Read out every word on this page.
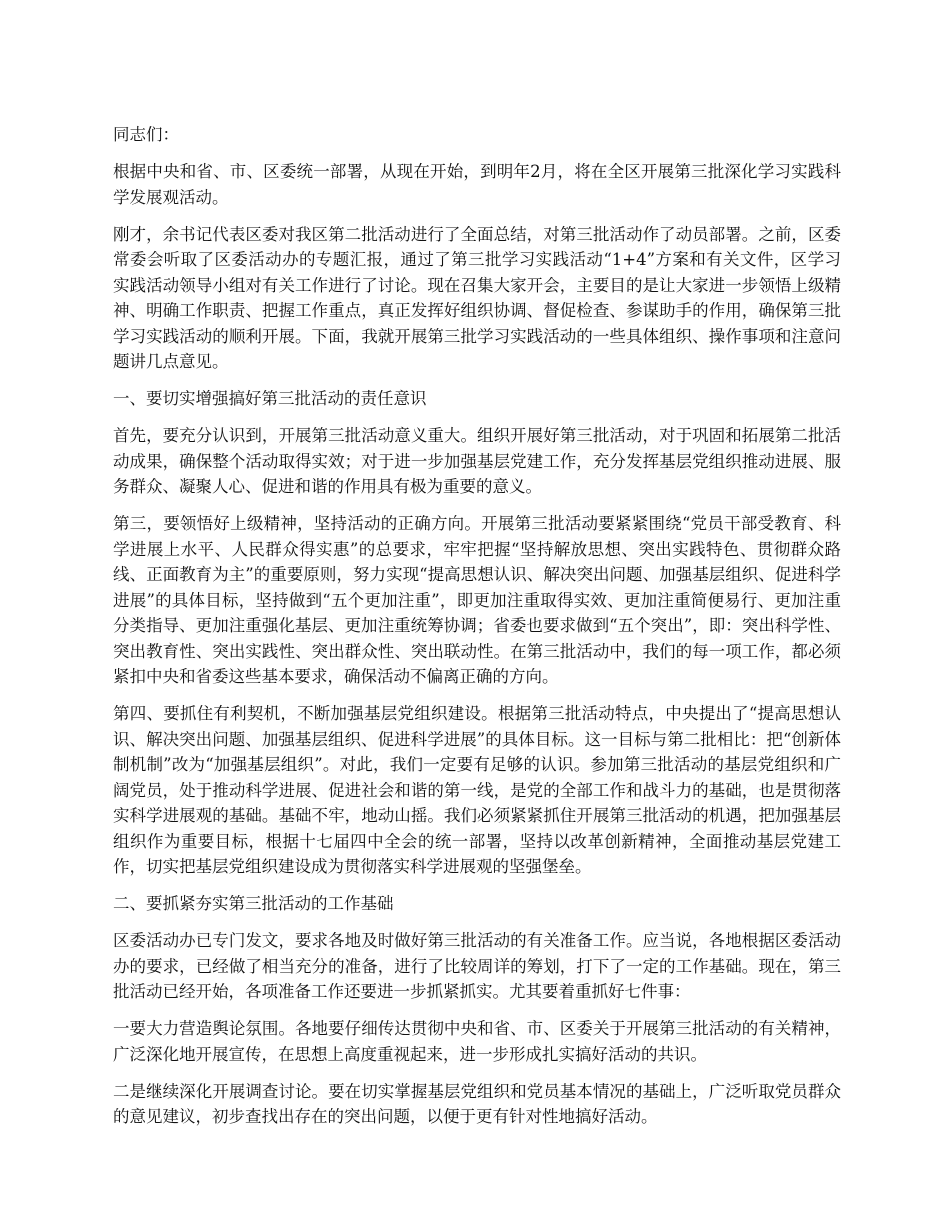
同志们：

根据中央和省、市、区委统一部署，从现在开始，到明年2月，将在全区开展第三批深化学习实践科学发展观活动。

刚才，余书记代表区委对我区第二批活动进行了全面总结，对第三批活动作了动员部署。之前，区委常委会听取了区委活动办的专题汇报，通过了第三批学习实践活动“1+4”方案和有关文件，区学习实践活动领导小组对有关工作进行了讨论。现在召集大家开会，主要目的是让大家进一步领悟上级精神、明确工作职责、把握工作重点，真正发挥好组织协调、督促检查、参谋助手的作用，确保第三批学习实践活动的顺利开展。下面，我就开展第三批学习实践活动的一些具体组织、操作事项和注意问题讲几点意见。

一、要切实增强搞好第三批活动的责任意识

首先，要充分认识到，开展第三批活动意义重大。组织开展好第三批活动，对于巩固和拓展第二批活动成果，确保整个活动取得实效；对于进一步加强基层党建工作，充分发挥基层党组织推动进展、服务群众、凝聚人心、促进和谐的作用具有极为重要的意义。

第三，要领悟好上级精神，坚持活动的正确方向。开展第三批活动要紧紧围绕“党员干部受教育、科学进展上水平、人民群众得实惠”的总要求，牢牢把握“坚持解放思想、突出实践特色、贯彻群众路线、正面教育为主”的重要原则，努力实现“提高思想认识、解决突出问题、加强基层组织、促进科学进展”的具体目标，坚持做到“五个更加注重”，即更加注重取得实效、更加注重简便易行、更加注重分类指导、更加注重强化基层、更加注重统筹协调；省委也要求做到“五个突出”，即：突出科学性、突出教育性、突出实践性、突出群众性、突出联动性。在第三批活动中，我们的每一项工作，都必须紧扣中央和省委这些基本要求，确保活动不偏离正确的方向。

第四、要抓住有利契机，不断加强基层党组织建设。根据第三批活动特点，中央提出了“提高思想认识、解决突出问题、加强基层组织、促进科学进展”的具体目标。这一目标与第二批相比：把“创新体制机制”改为“加强基层组织”。对此，我们一定要有足够的认识。参加第三批活动的基层党组织和广阔党员，处于推动科学进展、促进社会和谐的第一线，是党的全部工作和战斗力的基础，也是贯彻落实科学进展观的基础。基础不牢，地动山摇。我们必须紧紧抓住开展第三批活动的机遇，把加强基层组织作为重要目标，根据十七届四中全会的统一部署，坚持以改革创新精神，全面推动基层党建工作，切实把基层党组织建设成为贯彻落实科学进展观的坚强堡垒。

二、要抓紧夯实第三批活动的工作基础

区委活动办已专门发文，要求各地及时做好第三批活动的有关准备工作。应当说，各地根据区委活动办的要求，已经做了相当充分的准备，进行了比较周详的筹划，打下了一定的工作基础。现在，第三批活动已经开始，各项准备工作还要进一步抓紧抓实。尤其要着重抓好七件事：

一要大力营造舆论氛围。各地要仔细传达贯彻中央和省、市、区委关于开展第三批活动的有关精神，广泛深化地开展宣传，在思想上高度重视起来，进一步形成扎实搞好活动的共识。

二是继续深化开展调查讨论。要在切实掌握基层党组织和党员基本情况的基础上，广泛听取党员群众的意见建议，初步查找出存在的突出问题，以便于更有针对性地搞好活动。
